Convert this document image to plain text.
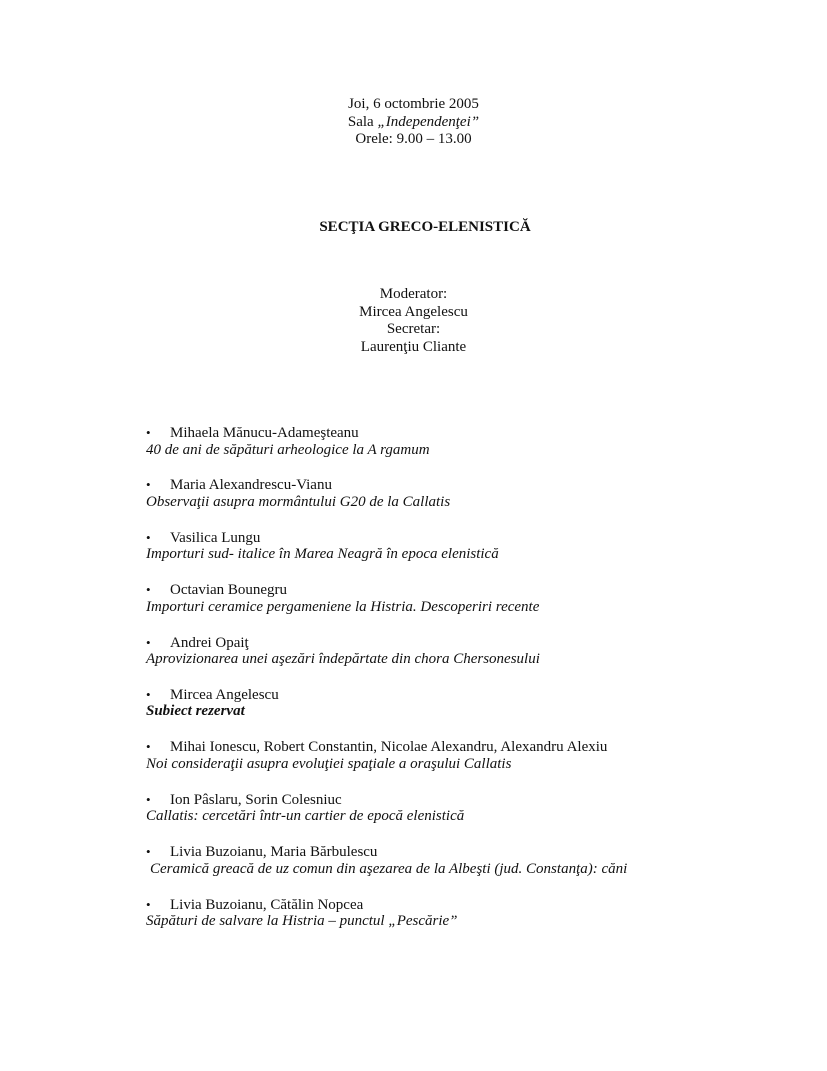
Joi, 6 octombrie 2005
Sala „Independenţei”
Orele: 9.00 – 13.00
SECŢIA GRECO-ELENISTICĂ
Moderator:
Mircea Angelescu
Secretar:
Laurenţiu Cliante
•	Mihaela Mănucu-Adameşteanu
40 de ani de săpături arheologice la A rgamum
•	Maria Alexandrescu-Vianu
Observaţii asupra mormântului G20 de la Callatis
•	Vasilica Lungu
Importuri sud- italice în Marea Neagră în epoca elenistică
•	Octavian Bounegru
Importuri ceramice pergameniene la Histria. Descoperiri recente
•	Andrei Opaiţ
Aprovizionarea unei aşezări îndepărtate din chora Chersonesului
•	Mircea Angelescu
Subiect rezervat
•	Mihai Ionescu, Robert Constantin, Nicolae Alexandru, Alexandru Alexiu
Noi consideraţii asupra evoluţiei spaţiale a oraşului Callatis
•	Ion Pâslaru, Sorin Colesniuc
Callatis: cercetări într-un cartier de epocă elenistică
•	Livia Buzoianu, Maria Bărbulescu
Ceramică greacă de uz comun din aşezarea de la Albeşti (jud. Constanţa): căni
•	Livia Buzoianu, Cătălin Nopcea
Săpături de salvare la Histria – punctul „Pescărie”
